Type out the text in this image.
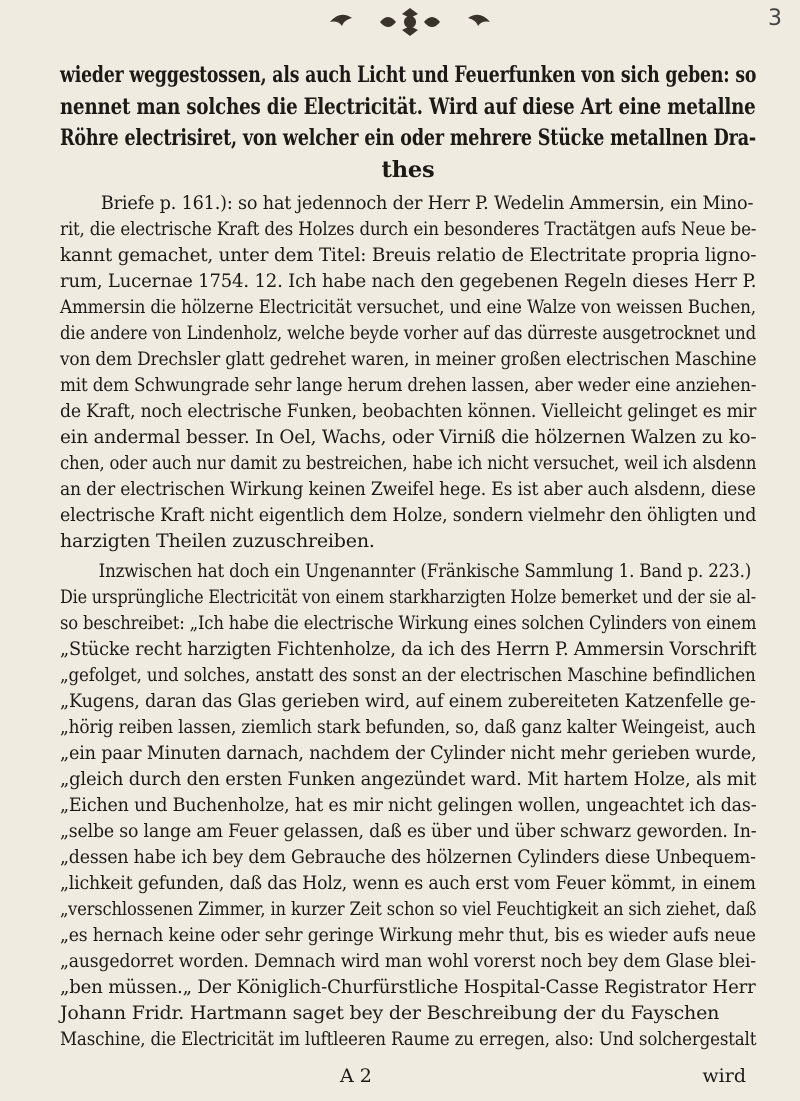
3
wieder weggestossen, als auch Licht und Feuerfunken von sich geben: so
nennet man solches die Electricität. Wird auf diese Art eine metallne
Röhre electrisiret, von welcher ein oder mehrere Stücke metallnen Dra-
thes
Briefe p. 161.): so hat jedennoch der Herr P. Wedelin Ammersin, ein Mino-
rit, die electrische Kraft des Holzes durch ein besonderes Tractätgen aufs Neue be-
kannt gemachet, unter dem Titel: Breuis relatio de Electritate propria ligno-
rum, Lucernae 1754. 12. Ich habe nach den gegebenen Regeln dieses Herr P.
Ammersin die hölzerne Electricität versuchet, und eine Walze von weissen Buchen,
die andere von Lindenholz, welche beyde vorher auf das dürreste ausgetrocknet und
von dem Drechsler glatt gedrehet waren, in meiner großen electrischen Maschine
mit dem Schwungrade sehr lange herum drehen lassen, aber weder eine anziehen-
de Kraft, noch electrische Funken, beobachten können. Vielleicht gelinget es mir
ein andermal besser. In Oel, Wachs, oder Virniß die hölzernen Walzen zu ko-
chen, oder auch nur damit zu bestreichen, habe ich nicht versuchet, weil ich alsdenn
an der electrischen Wirkung keinen Zweifel hege. Es ist aber auch alsdenn, diese
electrische Kraft nicht eigentlich dem Holze, sondern vielmehr den öhligten und
harzigten Theilen zuzuschreiben.
Inzwischen hat doch ein Ungenannter (Fränkische Sammlung 1. Band p. 223.)
Die ursprüngliche Electricität von einem starkharzigten Holze bemerket und der sie al-
so beschreibet: „Ich habe die electrische Wirkung eines solchen Cylinders von einem
„Stücke recht harzigten Fichtenholze, da ich des Herrn P. Ammersin Vorschrift
„gefolget, und solches, anstatt des sonst an der electrischen Maschine befindlichen
„Kugens, daran das Glas gerieben wird, auf einem zubereiteten Katzenfelle ge-
„hörig reiben lassen, ziemlich stark befunden, so, daß ganz kalter Weingeist, auch
„ein paar Minuten darnach, nachdem der Cylinder nicht mehr gerieben wurde,
„gleich durch den ersten Funken angezündet ward. Mit hartem Holze, als mit
„Eichen und Buchenholze, hat es mir nicht gelingen wollen, ungeachtet ich das-
„selbe so lange am Feuer gelassen, daß es über und über schwarz geworden. In-
„dessen habe ich bey dem Gebrauche des hölzernen Cylinders diese Unbequem-
„lichkeit gefunden, daß das Holz, wenn es auch erst vom Feuer kömmt, in einem
„verschlossenen Zimmer, in kurzer Zeit schon so viel Feuchtigkeit an sich ziehet, daß
„es hernach keine oder sehr geringe Wirkung mehr thut, bis es wieder aufs neue
„ausgedorret worden. Demnach wird man wohl vorerst noch bey dem Glase blei-
„ben müssen.„ Der Königlich-Churfürstliche Hospital-Casse Registrator Herr
Johann Fridr. Hartmann saget bey der Beschreibung der du Fayschen
Maschine, die Electricität im luftleeren Raume zu erregen, also: Und solchergestalt
A 2	wird
